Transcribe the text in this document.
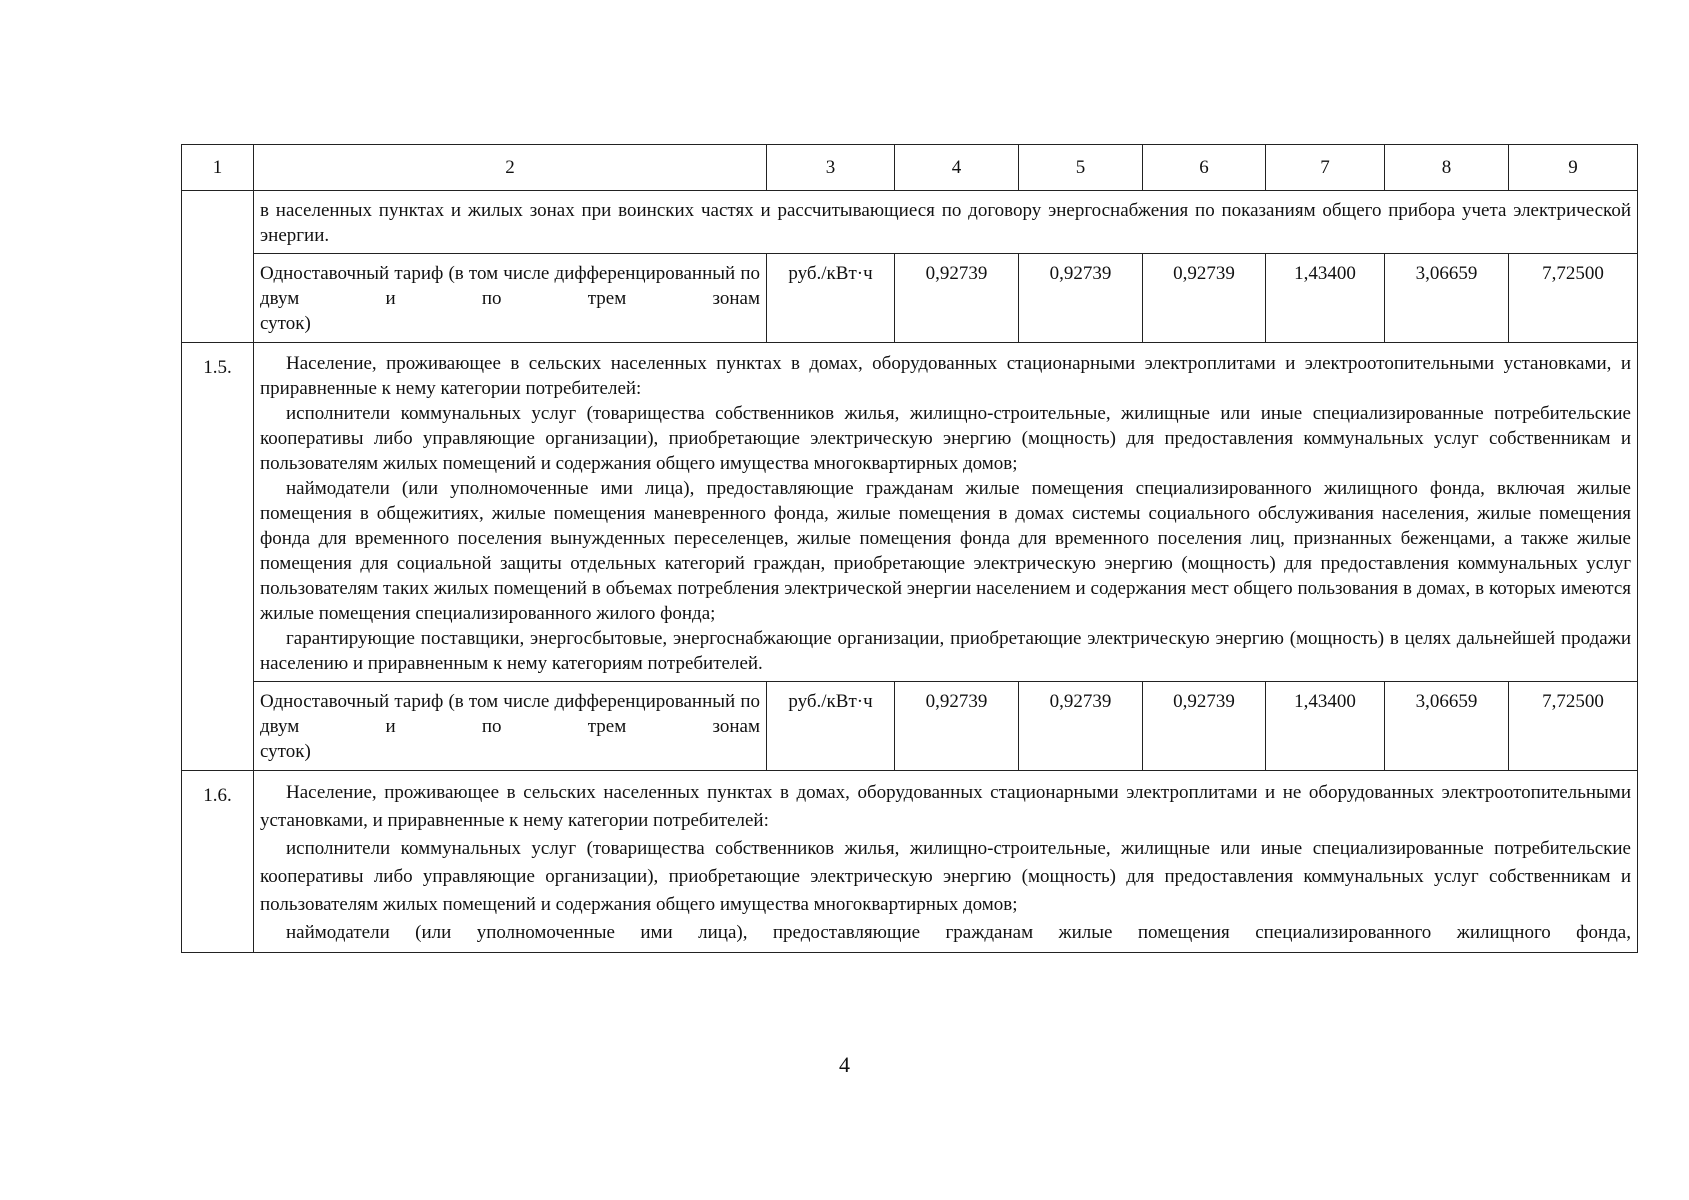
1	2	3	4	5	6	7	8	9

	в населенных пунктах и жилых зонах при воинских частях и рассчитывающиеся по договору энергоснабжения по показаниям общего прибора учета электрической энергии.							

	Одноставочный тариф (в том числе дифференцированный по двум и по трем зонам
суток)	руб./кВт·ч	0,92739	0,92739	0,92739	1,43400	3,06659	7,72500
1.5.	Население, проживающее в сельских населенных пунктах в домах, оборудованных стационарными электроплитами и электроотопительными установками, и приравненные к нему категории потребителей:

исполнители коммунальных услуг (товарищества собственников жилья, жилищно-строительные, жилищные или иные специализированные потребительские кооперативы либо управляющие организации), приобретающие электрическую энергию (мощность) для предоставления коммунальных услуг собственникам и пользователям жилых помещений и содержания общего имущества многоквартирных домов;

наймодатели (или уполномоченные ими лица), предоставляющие гражданам жилые помещения специализированного жилищного фонда, включая жилые помещения в общежитиях, жилые помещения маневренного фонда, жилые помещения в домах системы социального обслуживания населения, жилые помещения фонда для временного поселения вынужденных переселенцев, жилые помещения фонда для временного поселения лиц, признанных беженцами, а также жилые помещения для социальной защиты отдельных категорий граждан, приобретающие электрическую энергию (мощность) для предоставления коммунальных услуг пользователям таких жилых помещений в объемах потребления электрической энергии населением и содержания мест общего пользования в домах, в которых имеются жилые помещения специализированного жилого фонда;

гарантирующие поставщики, энергосбытовые, энергоснабжающие организации, приобретающие электрическую энергию (мощность) в целях дальнейшей продажи населению и приравненным к нему категориям потребителей.							

	Одноставочный тариф (в том числе дифференцированный по двум и по трем зонам
суток)	руб./кВт·ч	0,92739	0,92739	0,92739	1,43400	3,06659	7,72500
1.6.	Население, проживающее в сельских населенных пунктах в домах, оборудованных стационарными электроплитами и не оборудованных электроотопительными установками, и приравненные к нему категории потребителей:

исполнители коммунальных услуг (товарищества собственников жилья, жилищно-строительные, жилищные или иные специализированные потребительские кооперативы либо управляющие организации), приобретающие электрическую энергию (мощность) для предоставления коммунальных услуг собственникам и пользователям жилых помещений и содержания общего имущества многоквартирных домов;

наймодатели (или уполномоченные ими лица), предоставляющие гражданам жилые помещения специализированного жилищного фонда,							

4
